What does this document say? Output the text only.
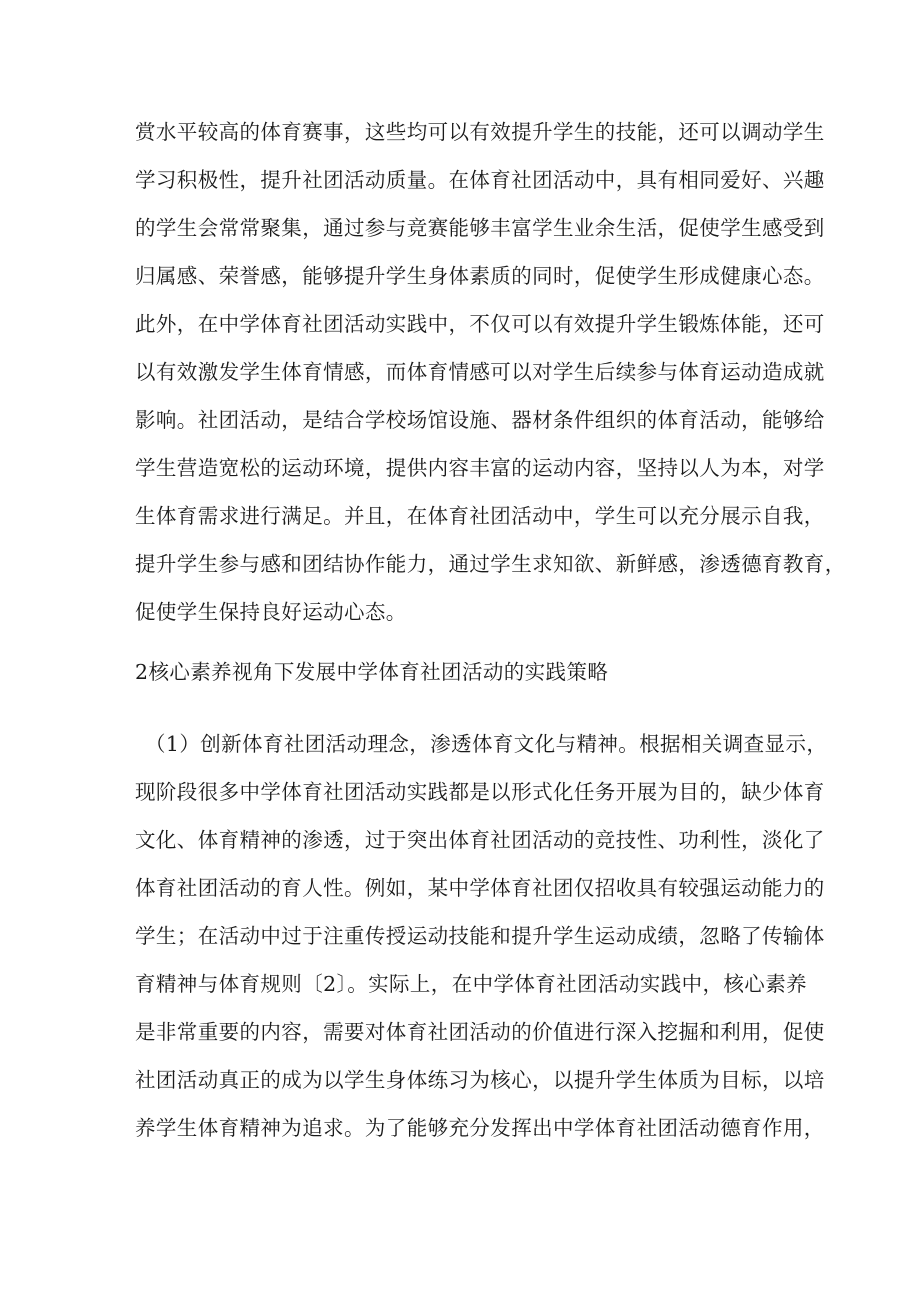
赏水平较高的体育赛事，这些均可以有效提升学生的技能，还可以调动学生
学习积极性，提升社团活动质量。在体育社团活动中，具有相同爱好、兴趣
的学生会常常聚集，通过参与竞赛能够丰富学生业余生活，促使学生感受到
归属感、荣誉感，能够提升学生身体素质的同时，促使学生形成健康心态。
此外，在中学体育社团活动实践中，不仅可以有效提升学生锻炼体能，还可
以有效激发学生体育情感，而体育情感可以对学生后续参与体育运动造成就
影响。社团活动，是结合学校场馆设施、器材条件组织的体育活动，能够给
学生营造宽松的运动环境，提供内容丰富的运动内容，坚持以人为本，对学
生体育需求进行满足。并且，在体育社团活动中，学生可以充分展示自我，
提升学生参与感和团结协作能力，通过学生求知欲、新鲜感，渗透德育教育，
促使学生保持良好运动心态。
2核心素养视角下发展中学体育社团活动的实践策略
（1）创新体育社团活动理念，渗透体育文化与精神。根据相关调查显示，
现阶段很多中学体育社团活动实践都是以形式化任务开展为目的，缺少体育
文化、体育精神的渗透，过于突出体育社团活动的竞技性、功利性，淡化了
体育社团活动的育人性。例如，某中学体育社团仅招收具有较强运动能力的
学生；在活动中过于注重传授运动技能和提升学生运动成绩，忽略了传输体
育精神与体育规则〔2〕。实际上，在中学体育社团活动实践中，核心素养
是非常重要的内容，需要对体育社团活动的价值进行深入挖掘和利用，促使
社团活动真正的成为以学生身体练习为核心，以提升学生体质为目标，以培
养学生体育精神为追求。为了能够充分发挥出中学体育社团活动德育作用，
